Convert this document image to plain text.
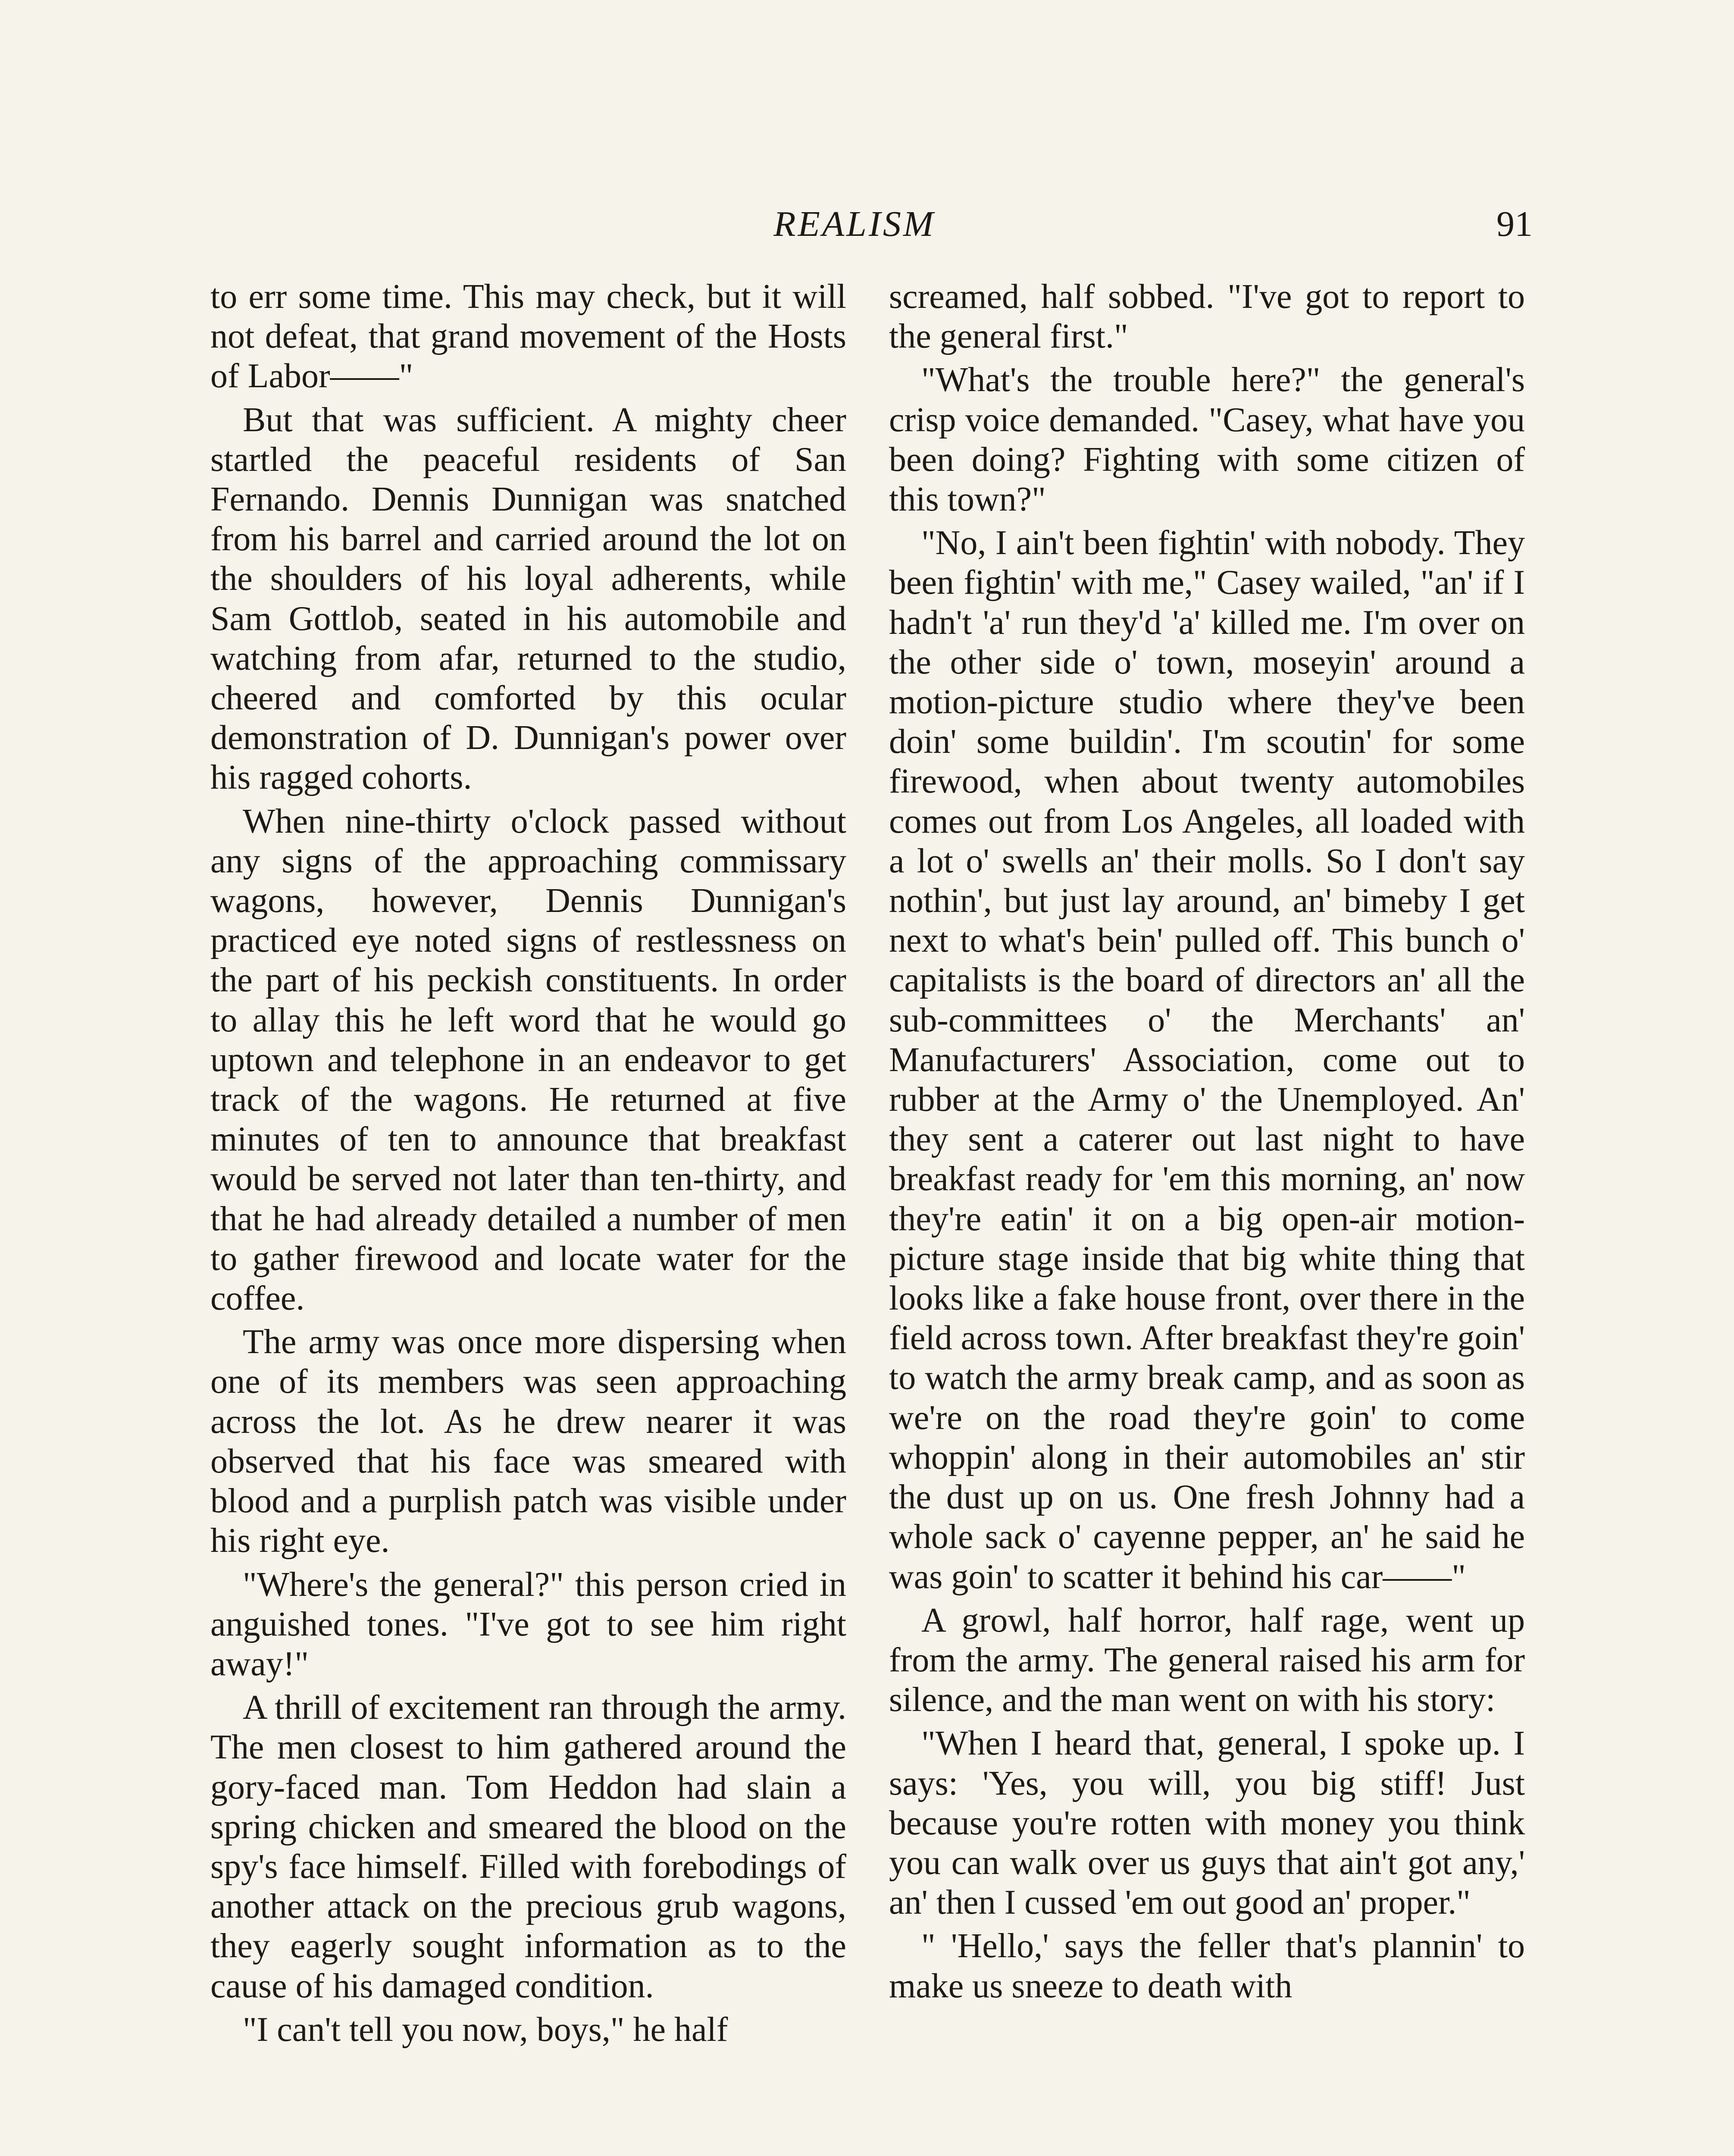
REALISM	91

to err some time. This may check, but it will not defeat, that grand movement of the Hosts of Labor——"

But that was sufficient. A mighty cheer startled the peaceful residents of San Fernando. Dennis Dunnigan was snatched from his barrel and carried around the lot on the shoulders of his loyal adherents, while Sam Gottlob, seated in his automobile and watching from afar, returned to the studio, cheered and comforted by this ocular demonstration of D. Dunnigan's power over his ragged cohorts.

When nine-thirty o'clock passed without any signs of the approaching commissary wagons, however, Dennis Dunnigan's practiced eye noted signs of restlessness on the part of his peckish constituents. In order to allay this he left word that he would go uptown and telephone in an endeavor to get track of the wagons. He returned at five minutes of ten to announce that breakfast would be served not later than ten-thirty, and that he had already detailed a number of men to gather firewood and locate water for the coffee.

The army was once more dispersing when one of its members was seen approaching across the lot. As he drew nearer it was observed that his face was smeared with blood and a purplish patch was visible under his right eye.

"Where's the general?" this person cried in anguished tones. "I've got to see him right away!"

A thrill of excitement ran through the army. The men closest to him gathered around the gory-faced man. Tom Heddon had slain a spring chicken and smeared the blood on the spy's face himself. Filled with forebodings of another attack on the precious grub wagons, they eagerly sought information as to the cause of his damaged condition.

"I can't tell you now, boys," he half

screamed, half sobbed. "I've got to report to the general first."

"What's the trouble here?" the general's crisp voice demanded. "Casey, what have you been doing? Fighting with some citizen of this town?"

"No, I ain't been fightin' with nobody. They been fightin' with me," Casey wailed, "an' if I hadn't 'a' run they'd 'a' killed me. I'm over on the other side o' town, moseyin' around a motion-picture studio where they've been doin' some buildin'. I'm scoutin' for some firewood, when about twenty automobiles comes out from Los Angeles, all loaded with a lot o' swells an' their molls. So I don't say nothin', but just lay around, an' bimeby I get next to what's bein' pulled off. This bunch o' capitalists is the board of directors an' all the sub-committees o' the Merchants' an' Manufacturers' Association, come out to rubber at the Army o' the Unemployed. An' they sent a caterer out last night to have breakfast ready for 'em this morning, an' now they're eatin' it on a big open-air motion-picture stage inside that big white thing that looks like a fake house front, over there in the field across town. After breakfast they're goin' to watch the army break camp, and as soon as we're on the road they're goin' to come whoppin' along in their automobiles an' stir the dust up on us. One fresh Johnny had a whole sack o' cayenne pepper, an' he said he was goin' to scatter it behind his car——"

A growl, half horror, half rage, went up from the army. The general raised his arm for silence, and the man went on with his story:

"When I heard that, general, I spoke up. I says: 'Yes, you will, you big stiff! Just because you're rotten with money you think you can walk over us guys that ain't got any,' an' then I cussed 'em out good an' proper."

" 'Hello,' says the feller that's plannin' to make us sneeze to death with
